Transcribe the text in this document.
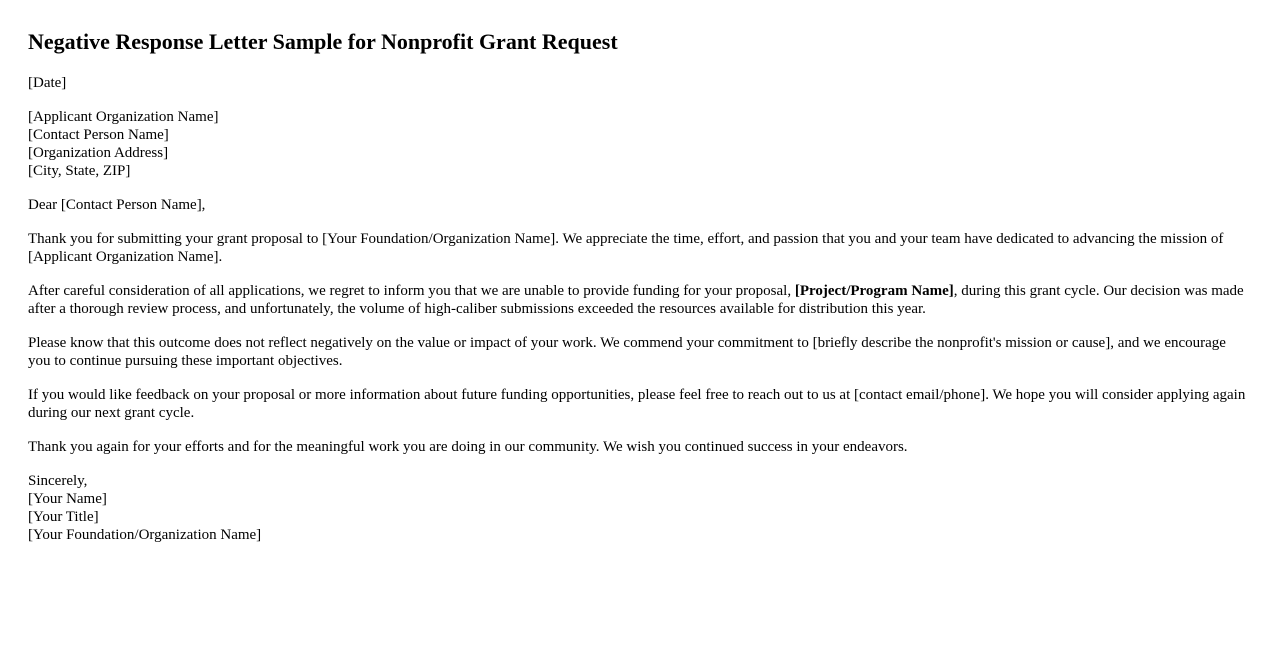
Negative Response Letter Sample for Nonprofit Grant Request

[Date]

[Applicant Organization Name]
[Contact Person Name]
[Organization Address]
[City, State, ZIP]

Dear [Contact Person Name],

Thank you for submitting your grant proposal to [Your Foundation/Organization Name]. We appreciate the time, effort, and passion that you and your team have dedicated to advancing the mission of [Applicant Organization Name].

After careful consideration of all applications, we regret to inform you that we are unable to provide funding for your proposal, [Project/Program Name], during this grant cycle. Our decision was made after a thorough review process, and unfortunately, the volume of high-caliber submissions exceeded the resources available for distribution this year.

Please know that this outcome does not reflect negatively on the value or impact of your work. We commend your commitment to [briefly describe the nonprofit's mission or cause], and we encourage you to continue pursuing these important objectives.

If you would like feedback on your proposal or more information about future funding opportunities, please feel free to reach out to us at [contact email/phone]. We hope you will consider applying again during our next grant cycle.

Thank you again for your efforts and for the meaningful work you are doing in our community. We wish you continued success in your endeavors.

Sincerely,
[Your Name]
[Your Title]
[Your Foundation/Organization Name]
